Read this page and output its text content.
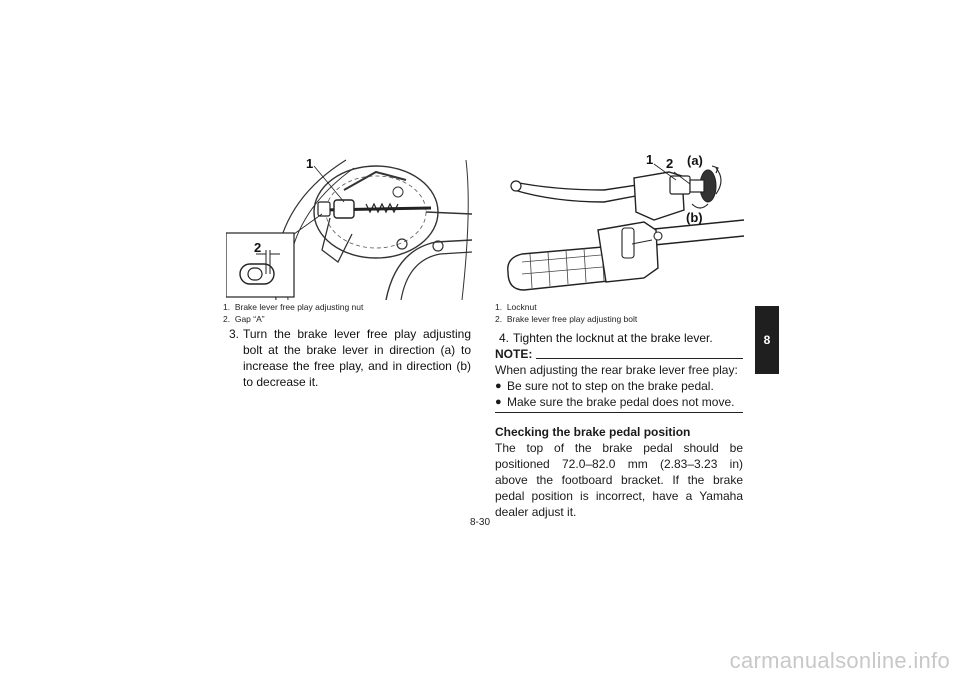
1
2
1. Brake lever free play adjusting nut
2. Gap “A”
1 2 (a)
(b)
1. Locknut
2. Brake lever free play adjusting bolt
3. Turn the brake lever free play adjusting bolt at the brake lever in direction (a) to increase the free play, and in direction (b) to decrease it.
4. Tighten the locknut at the brake lever.
NOTE:
When adjusting the rear brake lever free play:
● Be sure not to step on the brake pedal.
● Make sure the brake pedal does not move.
Checking the brake pedal position

The top of the brake pedal should be positioned 72.0–82.0 mm (2.83–3.23 in) above the footboard bracket. If the brake pedal position is incorrect, have a Yamaha dealer adjust it.

8
8-30
carmanualsonline.info
